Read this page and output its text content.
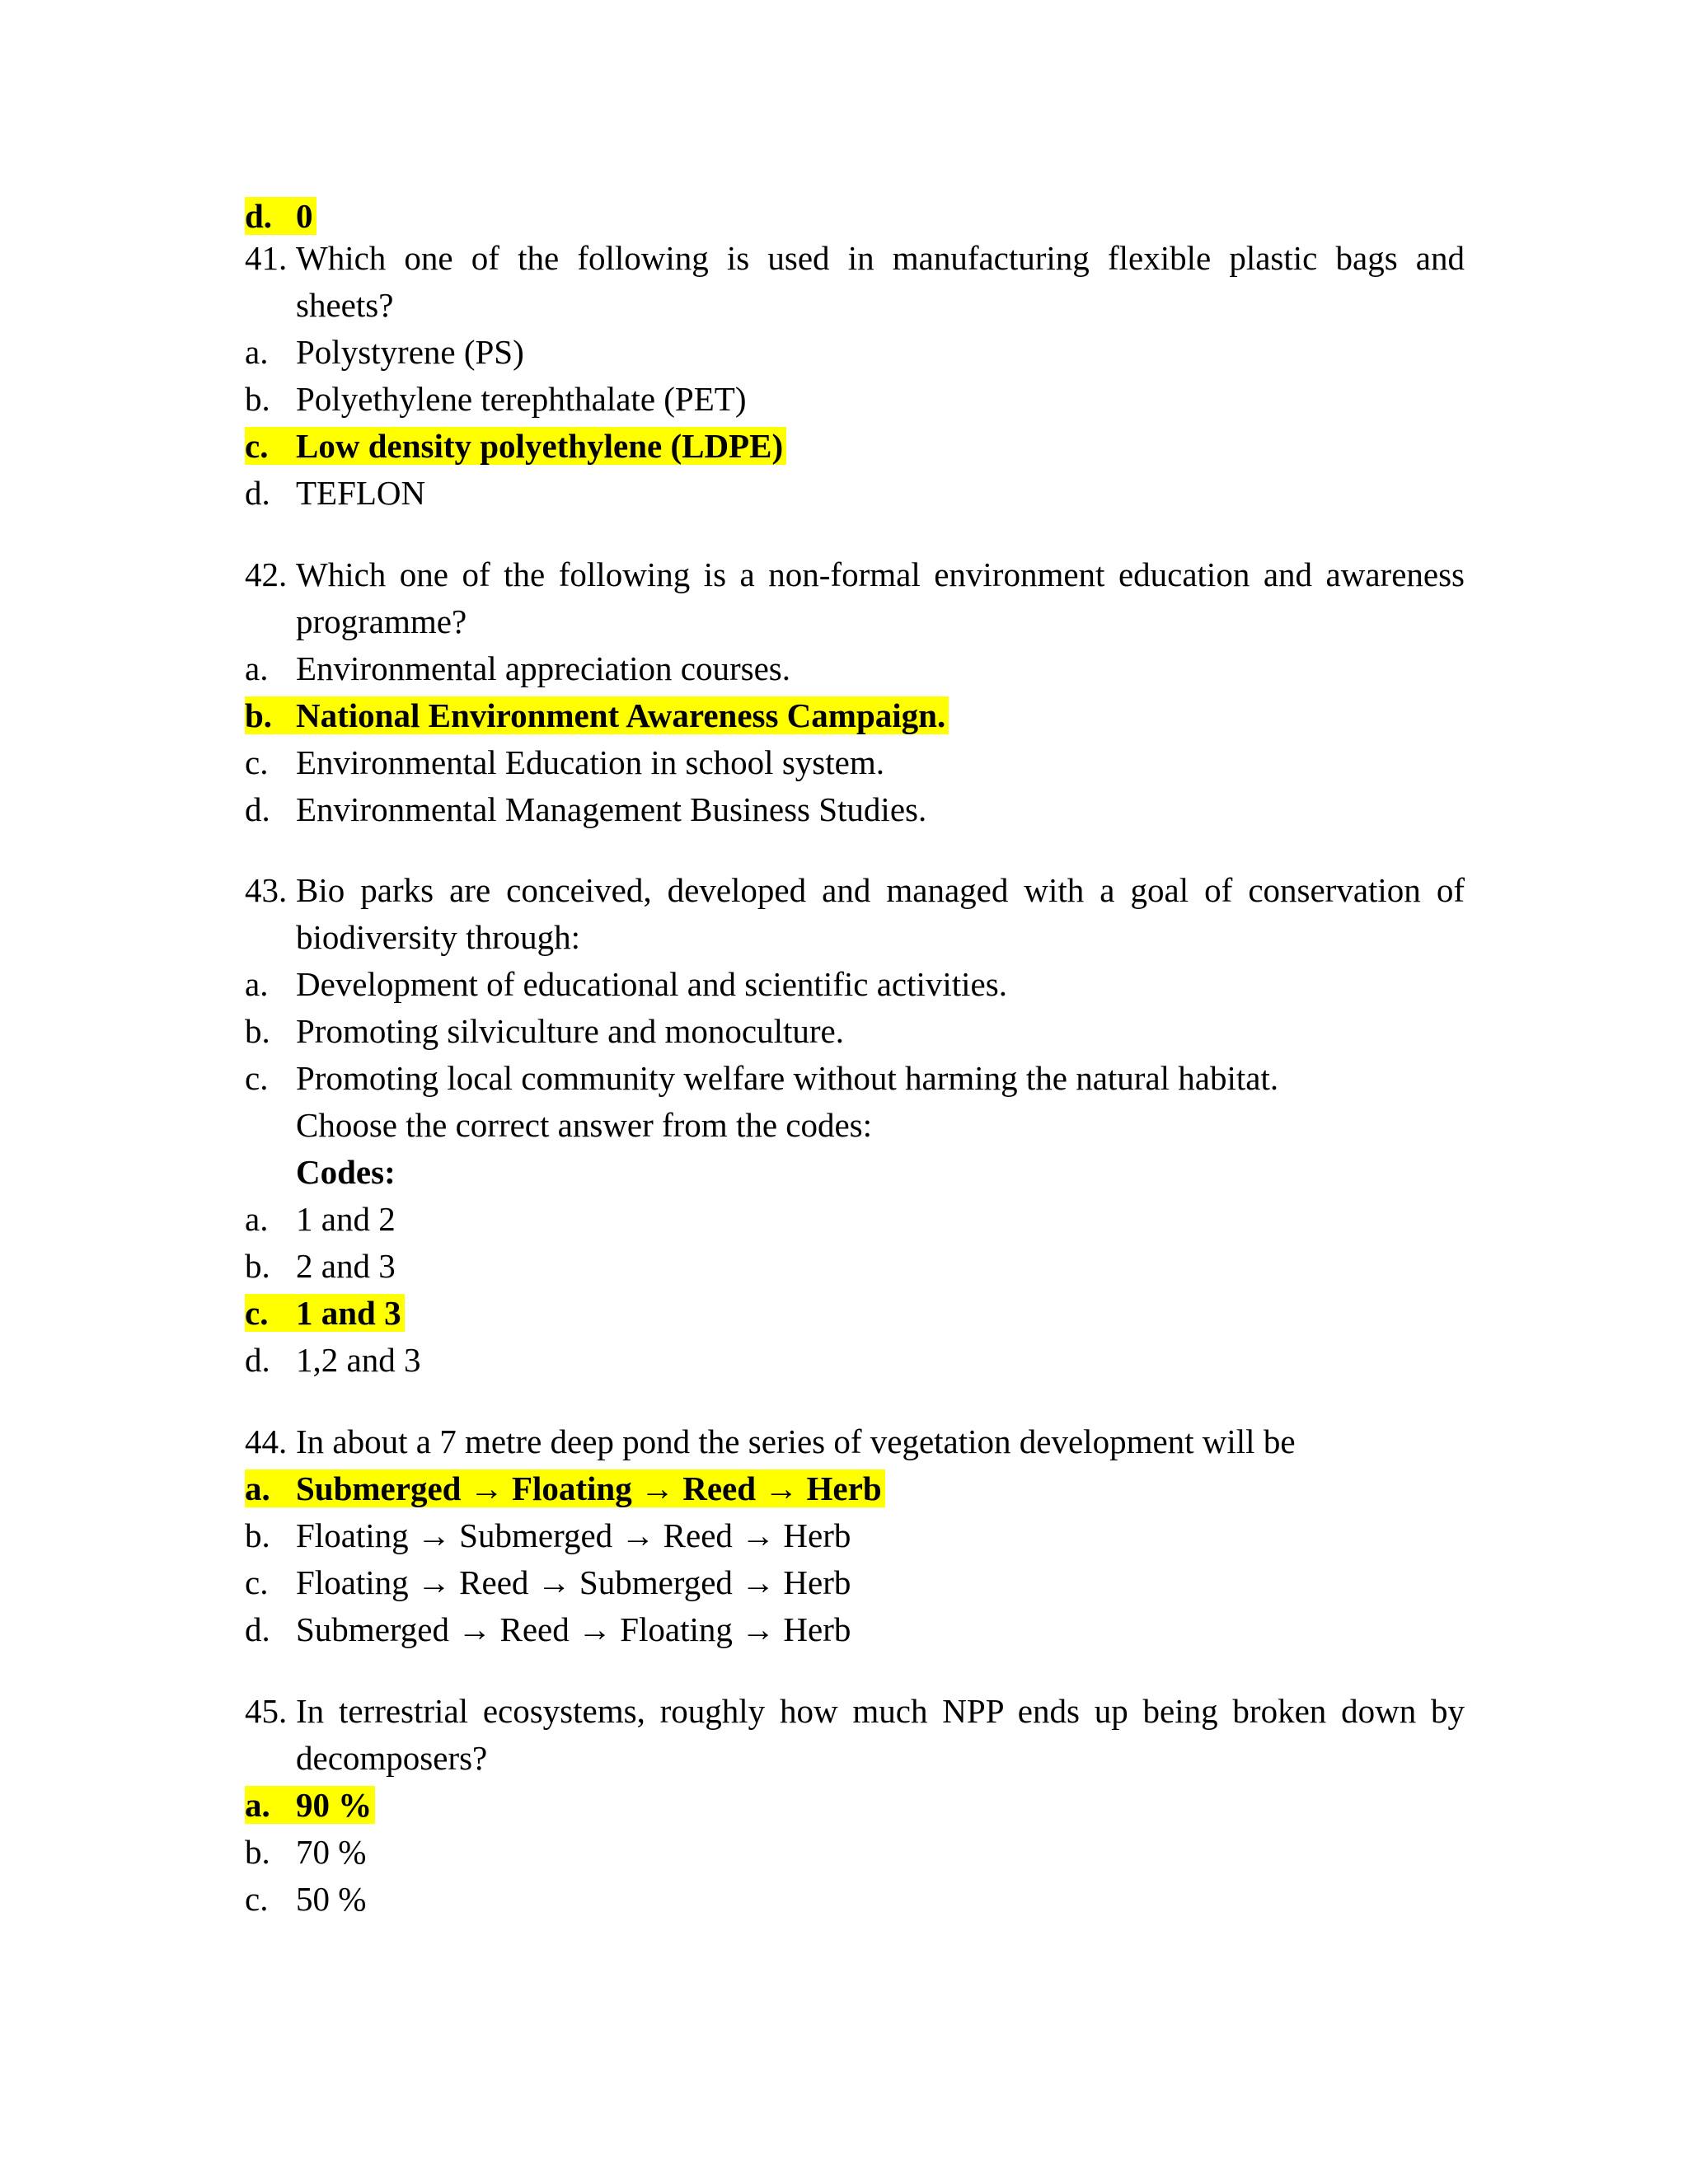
d. 0
41. Which one of the following is used in manufacturing flexible plastic bags and
sheets?
a. Polystyrene (PS)
b. Polyethylene terephthalate (PET)
c. Low density polyethylene (LDPE)
d. TEFLON
42. Which one of the following is a non-formal environment education and awareness
programme?
a. Environmental appreciation courses.
b. National Environment Awareness Campaign.
c. Environmental Education in school system.
d. Environmental Management Business Studies.
43. Bio parks are conceived, developed and managed with a goal of conservation of
biodiversity through:
a. Development of educational and scientific activities.
b. Promoting silviculture and monoculture.
c. Promoting local community welfare without harming the natural habitat.
Choose the correct answer from the codes:
Codes:
a. 1 and 2
b. 2 and 3
c. 1 and 3
d. 1,2 and 3
44. In about a 7 metre deep pond the series of vegetation development will be
a. Submerged → Floating → Reed → Herb
b. Floating → Submerged → Reed → Herb
c. Floating → Reed → Submerged → Herb
d. Submerged → Reed → Floating → Herb
45. In terrestrial ecosystems, roughly how much NPP ends up being broken down by
decomposers?
a. 90 %
b. 70 %
c. 50 %
